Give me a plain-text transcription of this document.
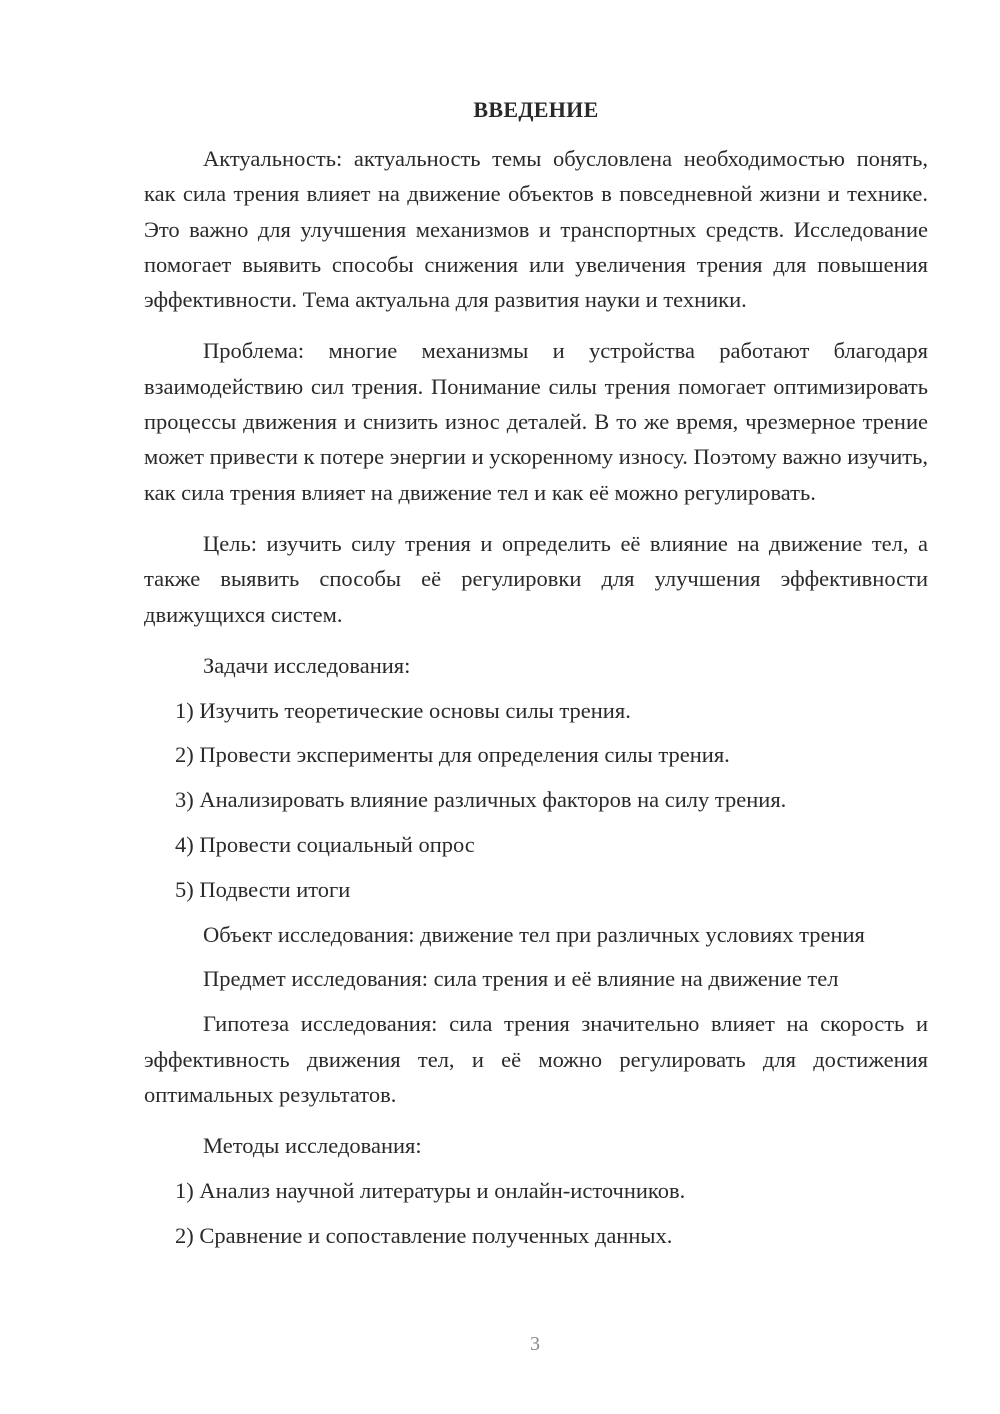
ВВЕДЕНИЕ

Актуальность: актуальность темы обусловлена необходимостью понять, как сила трения влияет на движение объектов в повседневной жизни и технике. Это важно для улучшения механизмов и транспортных средств. Исследование помогает выявить способы снижения или увеличения трения для повышения эффективности. Тема актуальна для развития науки и техники.

Проблема: многие механизмы и устройства работают благодаря взаимодействию сил трения. Понимание силы трения помогает оптимизировать процессы движения и снизить износ деталей. В то же время, чрезмерное трение может привести к потере энергии и ускоренному износу. Поэтому важно изучить, как сила трения влияет на движение тел и как её можно регулировать.

Цель: изучить силу трения и определить её влияние на движение тел, а также выявить способы её регулировки для улучшения эффективности движущихся систем.

Задачи исследования:

1) Изучить теоретические основы силы трения.

2) Провести эксперименты для определения силы трения.

3) Анализировать влияние различных факторов на силу трения.

4) Провести социальный опрос

5) Подвести итоги

Объект исследования: движение тел при различных условиях трения

Предмет исследования: сила трения и её влияние на движение тел

Гипотеза исследования: сила трения значительно влияет на скорость и эффективность движения тел, и её можно регулировать для достижения оптимальных результатов.

Методы исследования:

1) Анализ научной литературы и онлайн-источников.

2) Сравнение и сопоставление полученных данных.

3
